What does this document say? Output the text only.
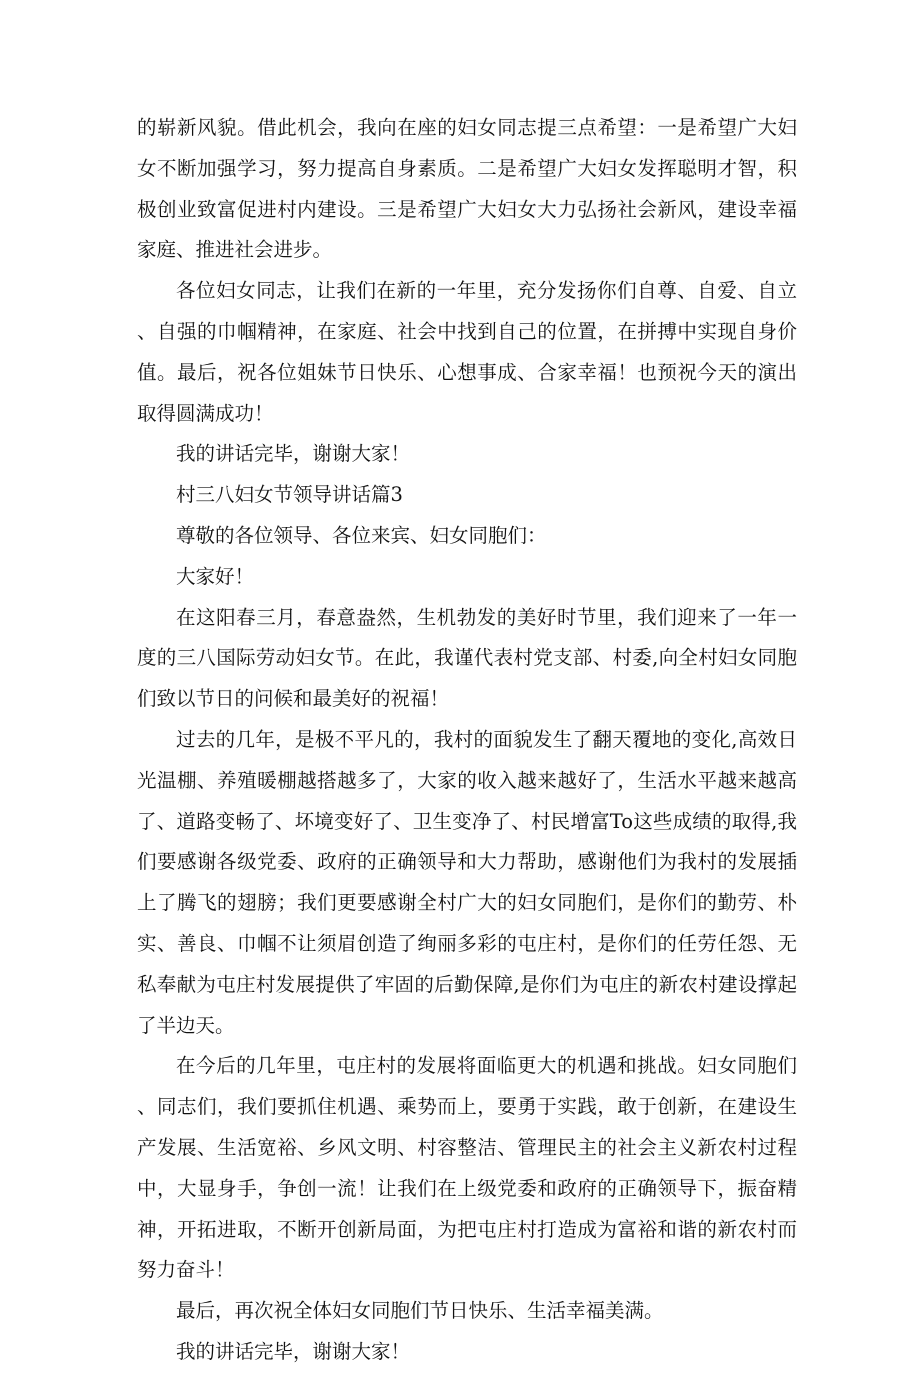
的崭新风貌。借此机会，我向在座的妇女同志提三点希望：一是希望广大妇女不断加强学习，努力提高自身素质。二是希望广大妇女发挥聪明才智，积极创业致富促进村内建设。三是希望广大妇女大力弘扬社会新风，建设幸福家庭、推进社会进步。

各位妇女同志，让我们在新的一年里，充分发扬你们自尊、自爱、自立、自强的巾帼精神，在家庭、社会中找到自己的位置，在拼搏中实现自身价值。最后，祝各位姐妹节日快乐、心想事成、合家幸福！也预祝今天的演出取得圆满成功！

我的讲话完毕，谢谢大家！

村三八妇女节领导讲话篇3

尊敬的各位领导、各位来宾、妇女同胞们：

大家好！

在这阳春三月，春意盎然，生机勃发的美好时节里，我们迎来了一年一度的三八国际劳动妇女节。在此，我谨代表村党支部、村委,向全村妇女同胞们致以节日的问候和最美好的祝福！

过去的几年，是极不平凡的，我村的面貌发生了翻天覆地的变化,高效日光温棚、养殖暖棚越搭越多了，大家的收入越来越好了，生活水平越来越高了、道路变畅了、坏境变好了、卫生变净了、村民增富To这些成绩的取得,我们要感谢各级党委、政府的正确领导和大力帮助，感谢他们为我村的发展插上了腾飞的翅膀；我们更要感谢全村广大的妇女同胞们，是你们的勤劳、朴实、善良、巾帼不让须眉创造了绚丽多彩的屯庄村，是你们的任劳任怨、无私奉献为屯庄村发展提供了牢固的后勤保障,是你们为屯庄的新农村建设撑起了半边天。

在今后的几年里，屯庄村的发展将面临更大的机遇和挑战。妇女同胞们、同志们，我们要抓住机遇、乘势而上，要勇于实践，敢于创新，在建设生产发展、生活宽裕、乡风文明、村容整洁、管理民主的社会主义新农村过程中，大显身手，争创一流！让我们在上级党委和政府的正确领导下，振奋精神，开拓进取，不断开创新局面，为把屯庄村打造成为富裕和谐的新农村而努力奋斗！

最后，再次祝全体妇女同胞们节日快乐、生活幸福美满。

我的讲话完毕，谢谢大家！
